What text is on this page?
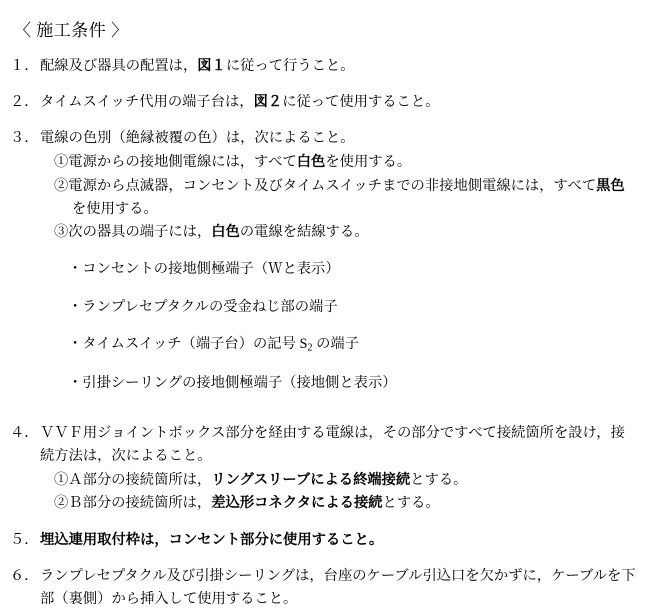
〈 施工条件 〉
１． 配線及び器具の配置は，図１に従って行うこと。

２． タイムスイッチ代用の端子台は，図２に従って使用すること。

３． 電線の色別（絶縁被覆の色）は，次によること。

①電源からの接地側電線には，すべて白色を使用する。

②電源から点滅器，コンセント及びタイムスイッチまでの非接地側電線には，すべて黒色を使用する。

③次の器具の端子には，白色の電線を結線する。

・コンセントの接地側極端子（Ｗと表示）

・ランプレセプタクルの受金ねじ部の端子

・タイムスイッチ（端子台）の記号 $S_2$ の端子

・引掛シーリングの接地側極端子（接地側と表示）

４． ＶＶＦ用ジョイントボックス部分を経由する電線は，その部分ですべて接続箇所を設け，接続方法は，次によること。

①Ａ部分の接続箇所は，リングスリーブによる終端接続とする。

②Ｂ部分の接続箇所は，差込形コネクタによる接続とする。

５． 埋込連用取付枠は，コンセント部分に使用すること。

６． ランプレセプタクル及び引掛シーリングは，台座のケーブル引込口を欠かずに，ケーブルを下部（裏側）から挿入して使用すること。
